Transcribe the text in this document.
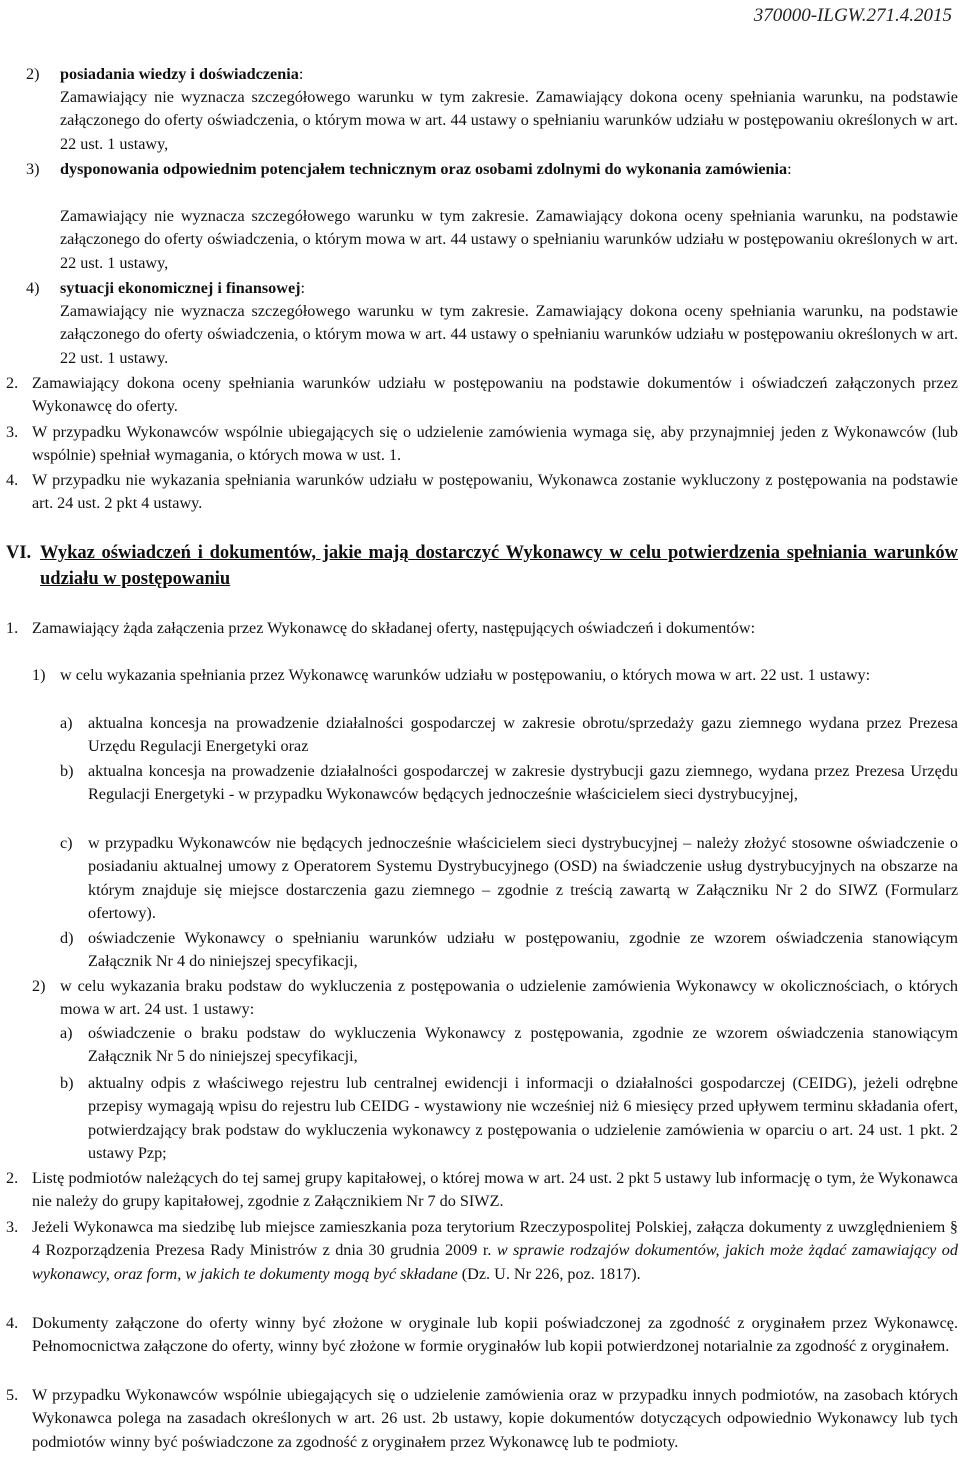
370000-ILGW.271.4.2015
2) posiadania wiedzy i doświadczenia:

Zamawiający nie wyznacza szczegółowego warunku w tym zakresie. Zamawiający dokona oceny spełniania warunku, na podstawie załączonego do oferty oświadczenia, o którym mowa w art. 44 ustawy o spełnianiu warunków udziału w postępowaniu określonych w art. 22 ust. 1 ustawy,

3) dysponowania odpowiednim potencjałem technicznym oraz osobami zdolnymi do wykonania zamówienia:

Zamawiający nie wyznacza szczegółowego warunku w tym zakresie. Zamawiający dokona oceny spełniania warunku, na podstawie załączonego do oferty oświadczenia, o którym mowa w art. 44 ustawy o spełnianiu warunków udziału w postępowaniu określonych w art. 22 ust. 1 ustawy,

4) sytuacji ekonomicznej i finansowej:

Zamawiający nie wyznacza szczegółowego warunku w tym zakresie. Zamawiający dokona oceny spełniania warunku, na podstawie załączonego do oferty oświadczenia, o którym mowa w art. 44 ustawy o spełnianiu warunków udziału w postępowaniu określonych w art. 22 ust. 1 ustawy.

2. Zamawiający dokona oceny spełniania warunków udziału w postępowaniu na podstawie dokumentów i oświadczeń załączonych przez Wykonawcę do oferty.

3. W przypadku Wykonawców wspólnie ubiegających się o udzielenie zamówienia wymaga się, aby przynajmniej jeden z Wykonawców (lub wspólnie) spełniał wymagania, o których mowa w ust. 1.

4. W przypadku nie wykazania spełniania warunków udziału w postępowaniu, Wykonawca zostanie wykluczony z postępowania na podstawie art. 24 ust. 2 pkt 4 ustawy.

VI. Wykaz oświadczeń i dokumentów, jakie mają dostarczyć Wykonawcy w celu potwierdzenia spełniania warunków udziału w postępowaniu
1. Zamawiający żąda załączenia przez Wykonawcę do składanej oferty, następujących oświadczeń i dokumentów:

1) w celu wykazania spełniania przez Wykonawcę warunków udziału w postępowaniu, o których mowa w art. 22 ust. 1 ustawy:

a) aktualna koncesja na prowadzenie działalności gospodarczej w zakresie obrotu/sprzedaży gazu ziemnego wydana przez Prezesa Urzędu Regulacji Energetyki oraz

b) aktualna koncesja na prowadzenie działalności gospodarczej w zakresie dystrybucji gazu ziemnego, wydana przez Prezesa Urzędu Regulacji Energetyki - w przypadku Wykonawców będących jednocześnie właścicielem sieci dystrybucyjnej,

c) w przypadku Wykonawców nie będących jednocześnie właścicielem sieci dystrybucyjnej – należy złożyć stosowne oświadczenie o posiadaniu aktualnej umowy z Operatorem Systemu Dystrybucyjnego (OSD) na świadczenie usług dystrybucyjnych na obszarze na którym znajduje się miejsce dostarczenia gazu ziemnego – zgodnie z treścią zawartą w Załączniku Nr 2 do SIWZ (Formularz ofertowy).

d) oświadczenie Wykonawcy o spełnianiu warunków udziału w postępowaniu, zgodnie ze wzorem oświadczenia stanowiącym Załącznik Nr 4 do niniejszej specyfikacji,

2) w celu wykazania braku podstaw do wykluczenia z postępowania o udzielenie zamówienia Wykonawcy w okolicznościach, o których mowa w art. 24 ust. 1 ustawy:

a) oświadczenie o braku podstaw do wykluczenia Wykonawcy z postępowania, zgodnie ze wzorem oświadczenia stanowiącym Załącznik Nr 5 do niniejszej specyfikacji,

b) aktualny odpis z właściwego rejestru lub centralnej ewidencji i informacji o działalności gospodarczej (CEIDG), jeżeli odrębne przepisy wymagają wpisu do rejestru lub CEIDG - wystawiony nie wcześniej niż 6 miesięcy przed upływem terminu składania ofert, potwierdzający brak podstaw do wykluczenia wykonawcy z postępowania o udzielenie zamówienia w oparciu o art. 24 ust. 1 pkt. 2 ustawy Pzp;

2. Listę podmiotów należących do tej samej grupy kapitałowej, o której mowa w art. 24 ust. 2 pkt 5 ustawy lub informację o tym, że Wykonawca nie należy do grupy kapitałowej, zgodnie z Załącznikiem Nr 7 do SIWZ.

3. Jeżeli Wykonawca ma siedzibę lub miejsce zamieszkania poza terytorium Rzeczypospolitej Polskiej, załącza dokumenty z uwzględnieniem § 4 Rozporządzenia Prezesa Rady Ministrów z dnia 30 grudnia 2009 r. w sprawie rodzajów dokumentów, jakich może żądać zamawiający od wykonawcy, oraz form, w jakich te dokumenty mogą być składane (Dz. U. Nr 226, poz. 1817).

4. Dokumenty załączone do oferty winny być złożone w oryginale lub kopii poświadczonej za zgodność z oryginałem przez Wykonawcę. Pełnomocnictwa załączone do oferty, winny być złożone w formie oryginałów lub kopii potwierdzonej notarialnie za zgodność z oryginałem.

5. W przypadku Wykonawców wspólnie ubiegających się o udzielenie zamówienia oraz w przypadku innych podmiotów, na zasobach których Wykonawca polega na zasadach określonych w art. 26 ust. 2b ustawy, kopie dokumentów dotyczących odpowiednio Wykonawcy lub tych podmiotów winny być poświadczone za zgodność z oryginałem przez Wykonawcę lub te podmioty.
